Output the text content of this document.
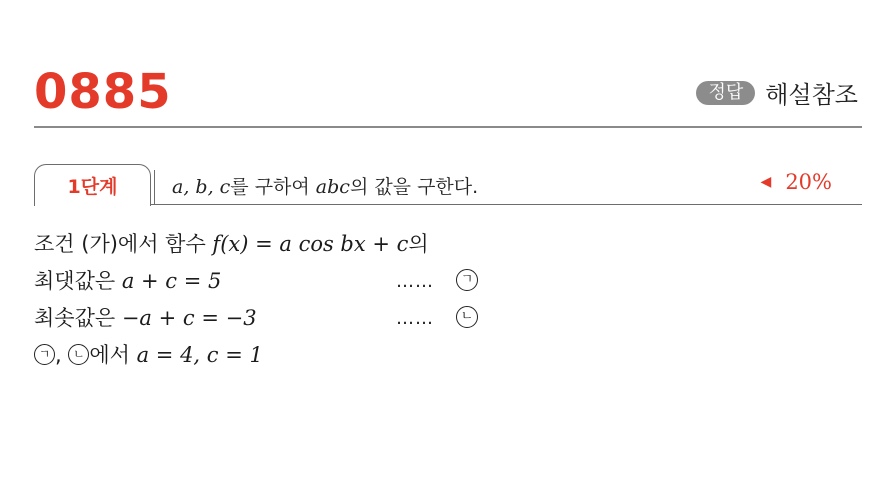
0885	정답 해설참조
1단계	a, b, c를 구하여 abc의 값을 구한다.	◀ 20%
조건 (가)에서 함수 f(x) = a cos bx + c의
최댓값은 a + c = 5	……	ㄱ
최솟값은 −a + c = −3	……	ㄴ
ㄱ , ㄴ 에서 a = 4, c = 1
